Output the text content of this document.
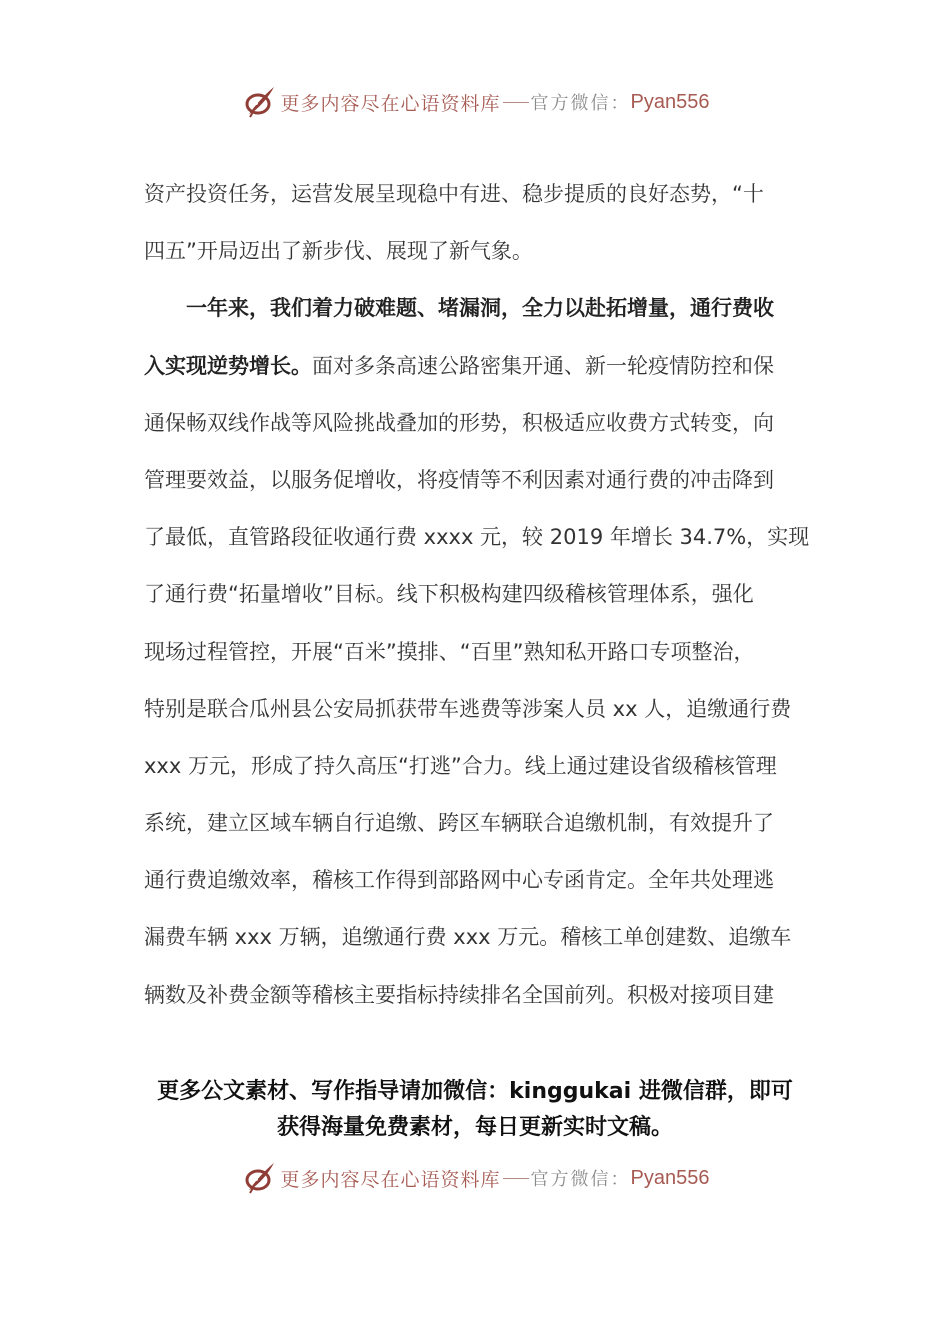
更多内容尽在心语资料库 官方微信： Pyan556
资产投资任务，运营发展呈现稳中有进、稳步提质的良好态势，“十
四五”开局迈出了新步伐、展现了新气象。
一年来，我们着力破难题、堵漏洞，全力以赴拓增量，通行费收
入实现逆势增长。面对多条高速公路密集开通、新一轮疫情防控和保
通保畅双线作战等风险挑战叠加的形势，积极适应收费方式转变，向
管理要效益，以服务促增收，将疫情等不利因素对通行费的冲击降到
了最低，直管路段征收通行费 xxxx 元，较 2019 年增长 34.7%，实现
了通行费“拓量增收”目标。线下积极构建四级稽核管理体系，强化
现场过程管控，开展“百米”摸排、“百里”熟知私开路口专项整治，
特别是联合瓜州县公安局抓获带车逃费等涉案人员 xx 人，追缴通行费
xxx 万元，形成了持久高压“打逃”合力。线上通过建设省级稽核管理
系统，建立区域车辆自行追缴、跨区车辆联合追缴机制，有效提升了
通行费追缴效率，稽核工作得到部路网中心专函肯定。全年共处理逃
漏费车辆 xxx 万辆，追缴通行费 xxx 万元。稽核工单创建数、追缴车
辆数及补费金额等稽核主要指标持续排名全国前列。积极对接项目建
更多公文素材、写作指导请加微信：kinggukai 进微信群，即可
获得海量免费素材，每日更新实时文稿。
更多内容尽在心语资料库 官方微信： Pyan556
